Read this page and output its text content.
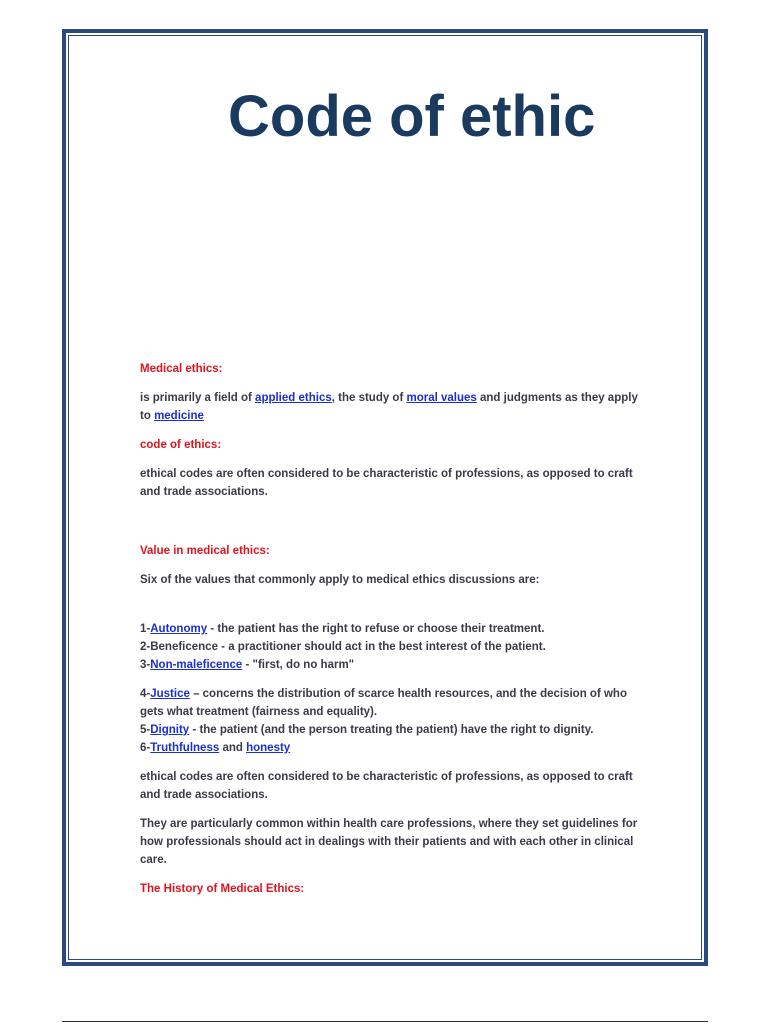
Code of ethic

Medical ethics:

is primarily a field of applied ethics, the study of moral values and judgments as they apply to medicine

code of ethics:

ethical codes are often considered to be characteristic of professions, as opposed to craft and trade associations.

Value in medical ethics:

Six of the values that commonly apply to medical ethics discussions are:

1-Autonomy - the patient has the right to refuse or choose their treatment.

2-Beneficence - a practitioner should act in the best interest of the patient.

3-Non-maleficence - "first, do no harm"

4-Justice – concerns the distribution of scarce health resources, and the decision of who gets what treatment (fairness and equality).

5-Dignity - the patient (and the person treating the patient) have the right to dignity.

6-Truthfulness and honesty

ethical codes are often considered to be characteristic of professions, as opposed to craft and trade associations.

They are particularly common within health care professions, where they set guidelines for how professionals should act in dealings with their patients and with each other in clinical care.

The History of Medical Ethics:
